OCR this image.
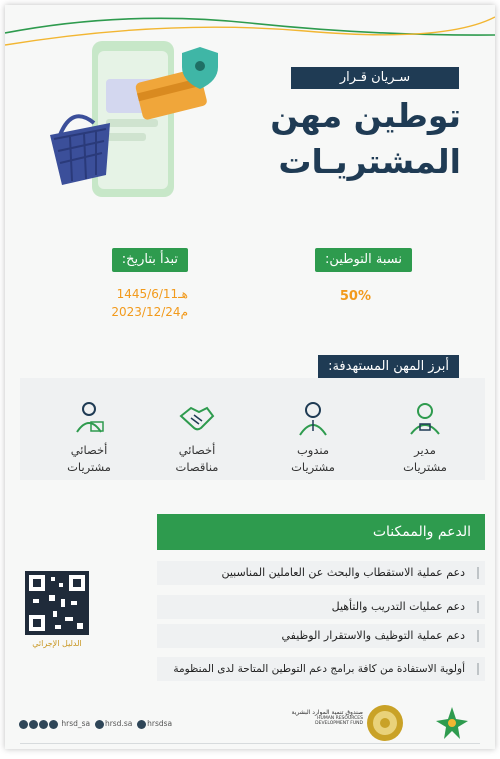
سـريان قـرار
توطين مهن
المشتريـات
نسبة التوطين:
50%
تبدأ بتاريخ:
1445/6/11هـ
2023/12/24م
أبرز المهن المستهدفة:
مدير
مشتريات
مندوب
مشتريات
أخصائي
مناقصات
أخصائي
مشتريات
الدعم والممكنات
دعم عملية الاستقطاب والبحث عن العاملين المناسبين
دعم عمليات التدريب والتأهيل
دعم عملية التوظيف والاستقرار الوظيفي
أولوية الاستفادة من كافة برامج دعم التوطين المتاحة لدى المنظومة
الدليل الإجرائي
hrsd_sa hrsd.sa hrsdsa
صندوق تنمية الموارد البشرية
HUMAN RESOURCES
DEVELOPMENT FUND
